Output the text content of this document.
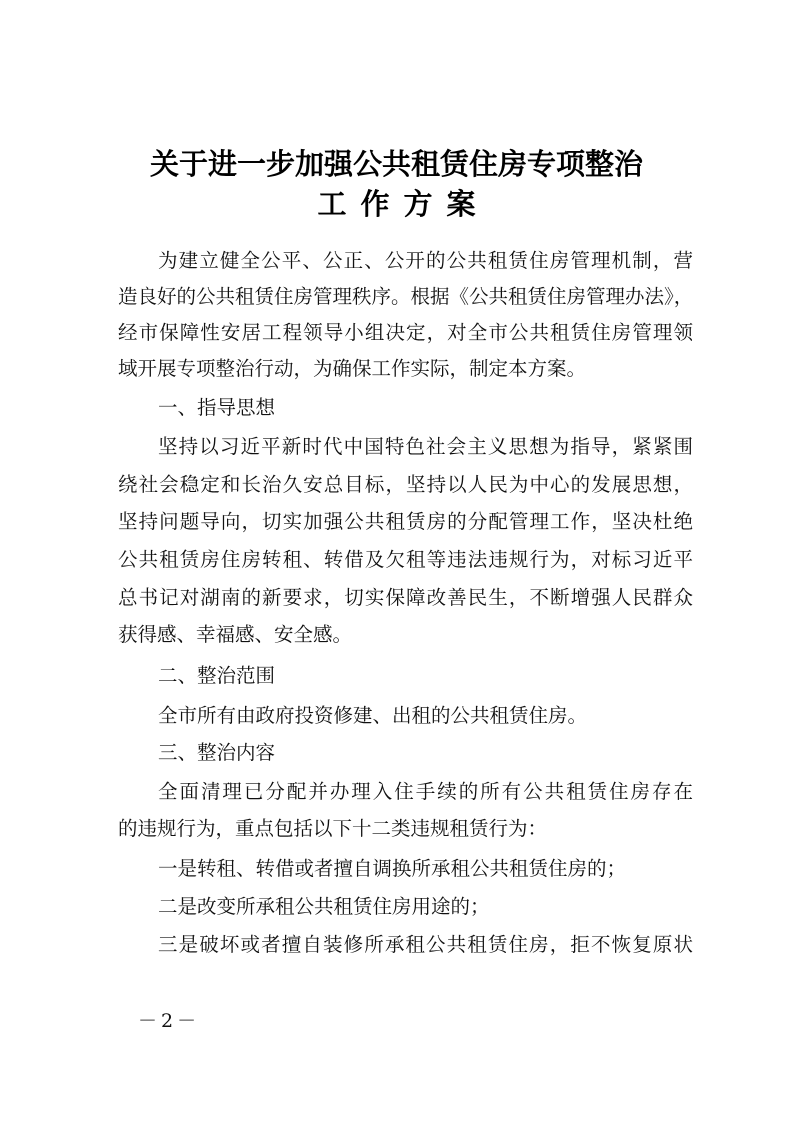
关于进一步加强公共租赁住房专项整治
工作方案
为建立健全公平、公正、公开的公共租赁住房管理机制，营
造良好的公共租赁住房管理秩序。根据《公共租赁住房管理办法》，
经市保障性安居工程领导小组决定，对全市公共租赁住房管理领
域开展专项整治行动，为确保工作实际，制定本方案。
一、指导思想
坚持以习近平新时代中国特色社会主义思想为指导，紧紧围
绕社会稳定和长治久安总目标，坚持以人民为中心的发展思想，
坚持问题导向，切实加强公共租赁房的分配管理工作，坚决杜绝
公共租赁房住房转租、转借及欠租等违法违规行为，对标习近平
总书记对湖南的新要求，切实保障改善民生，不断增强人民群众
获得感、幸福感、安全感。
二、整治范围
全市所有由政府投资修建、出租的公共租赁住房。
三、整治内容
全面清理已分配并办理入住手续的所有公共租赁住房存在
的违规行为，重点包括以下十二类违规租赁行为：
一是转租、转借或者擅自调换所承租公共租赁住房的；
二是改变所承租公共租赁住房用途的；
三是破坏或者擅自装修所承租公共租赁住房，拒不恢复原状
－2－
